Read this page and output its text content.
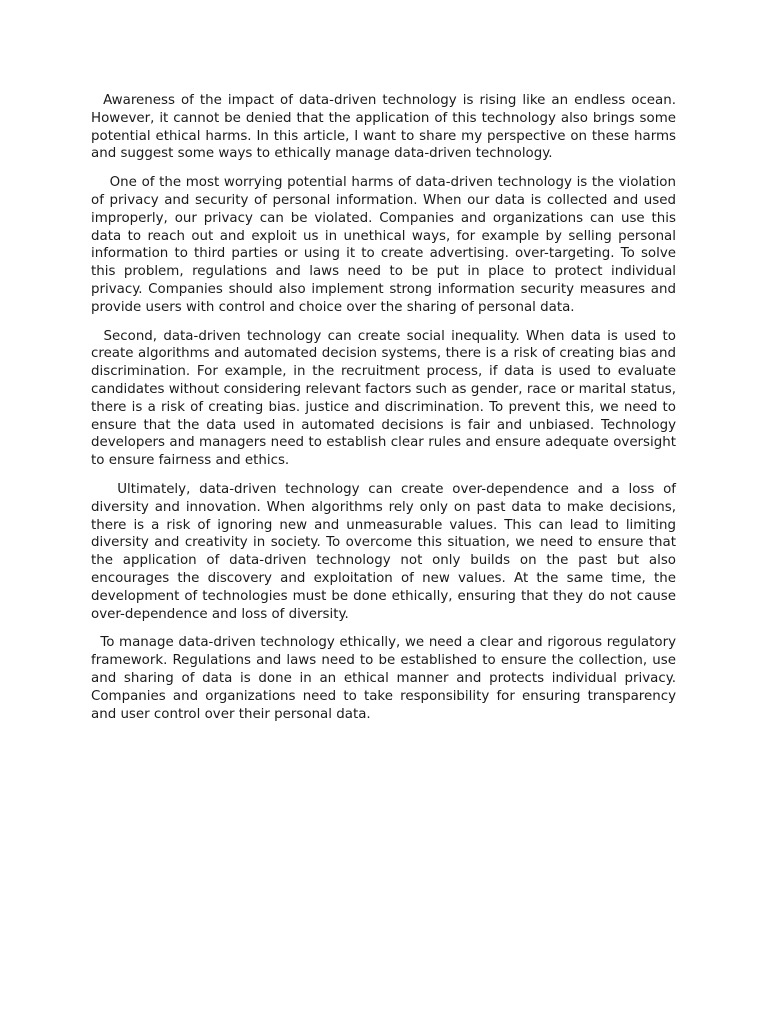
Awareness of the impact of data-driven technology is rising like an endless ocean. However, it cannot be denied that the application of this technology also brings some potential ethical harms. In this article, I want to share my perspective on these harms and suggest some ways to ethically manage data-driven technology.

One of the most worrying potential harms of data-driven technology is the violation of privacy and security of personal information. When our data is collected and used improperly, our privacy can be violated. Companies and organizations can use this data to reach out and exploit us in unethical ways, for example by selling personal information to third parties or using it to create advertising. over-targeting. To solve this problem, regulations and laws need to be put in place to protect individual privacy. Companies should also implement strong information security measures and provide users with control and choice over the sharing of personal data.

Second, data-driven technology can create social inequality. When data is used to create algorithms and automated decision systems, there is a risk of creating bias and discrimination. For example, in the recruitment process, if data is used to evaluate candidates without considering relevant factors such as gender, race or marital status, there is a risk of creating bias. justice and discrimination. To prevent this, we need to ensure that the data used in automated decisions is fair and unbiased. Technology developers and managers need to establish clear rules and ensure adequate oversight to ensure fairness and ethics.

Ultimately, data-driven technology can create over-dependence and a loss of diversity and innovation. When algorithms rely only on past data to make decisions, there is a risk of ignoring new and unmeasurable values. This can lead to limiting diversity and creativity in society. To overcome this situation, we need to ensure that the application of data-driven technology not only builds on the past but also encourages the discovery and exploitation of new values. At the same time, the development of technologies must be done ethically, ensuring that they do not cause over-dependence and loss of diversity.

To manage data-driven technology ethically, we need a clear and rigorous regulatory framework. Regulations and laws need to be established to ensure the collection, use and sharing of data is done in an ethical manner and protects individual privacy. Companies and organizations need to take responsibility for ensuring transparency and user control over their personal data.
